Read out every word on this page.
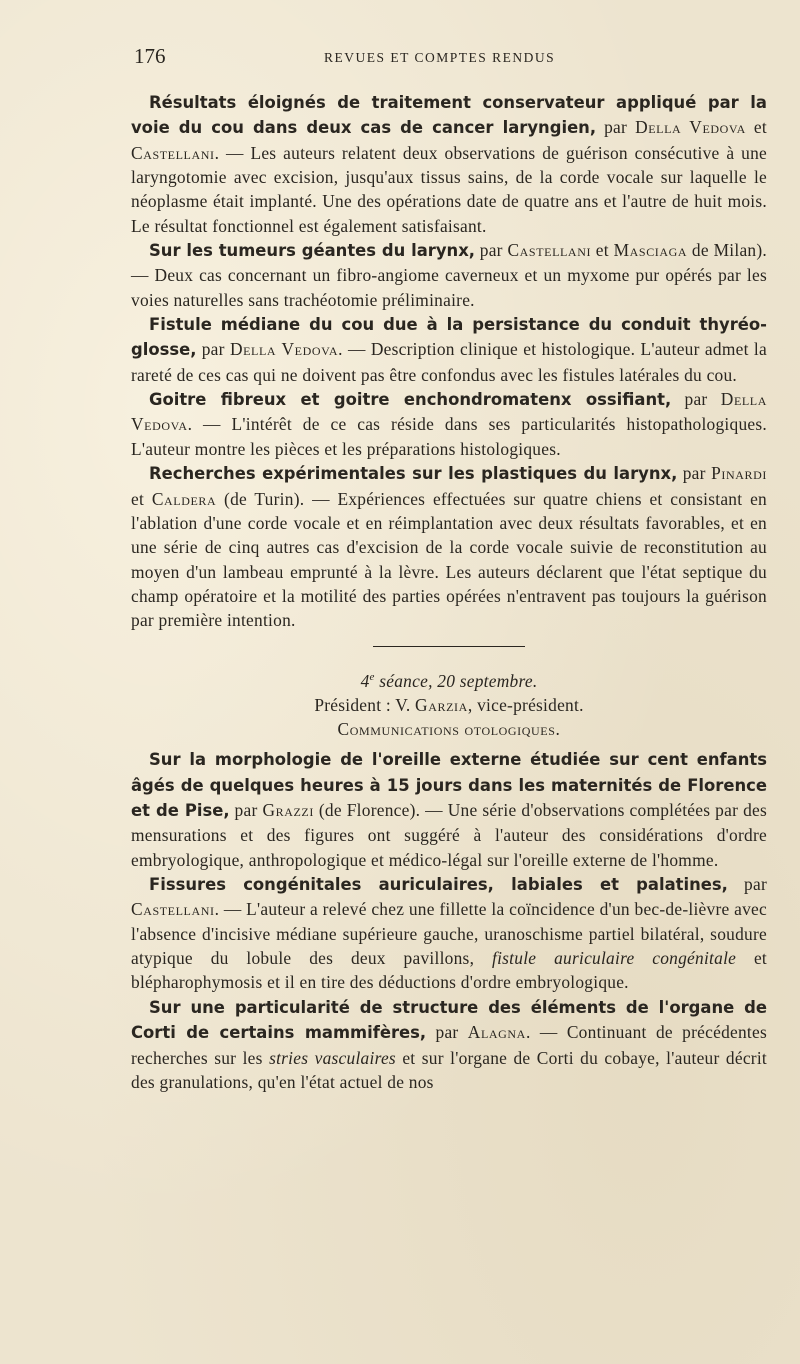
176	REVUES ET COMPTES RENDUS

Résultats éloignés de traitement conservateur appliqué par la voie du cou dans deux cas de cancer laryngien, par Della Vedova et Castellani. — Les auteurs relatent deux observations de guérison consécutive à une laryngotomie avec excision, jusqu'aux tissus sains, de la corde vocale sur laquelle le néoplasme était implanté. Une des opérations date de quatre ans et l'autre de huit mois. Le résultat fonctionnel est également satisfaisant.

Sur les tumeurs géantes du larynx, par Castellani et Masciaga de Milan). — Deux cas concernant un fibro-angiome caverneux et un myxome pur opérés par les voies naturelles sans trachéotomie préliminaire.

Fistule médiane du cou due à la persistance du conduit thyréo-glosse, par Della Vedova. — Description clinique et histologique. L'auteur admet la rareté de ces cas qui ne doivent pas être confondus avec les fistules latérales du cou.

Goitre fibreux et goitre enchondromatenx ossifiant, par Della Vedova. — L'intérêt de ce cas réside dans ses particularités histopathologiques. L'auteur montre les pièces et les préparations histologiques.

Recherches expérimentales sur les plastiques du larynx, par Pinardi et Caldera (de Turin). — Expériences effectuées sur quatre chiens et consistant en l'ablation d'une corde vocale et en réimplantation avec deux résultats favorables, et en une série de cinq autres cas d'excision de la corde vocale suivie de reconstitution au moyen d'un lambeau emprunté à la lèvre. Les auteurs déclarent que l'état septique du champ opératoire et la motilité des parties opérées n'entravent pas toujours la guérison par première intention.

4e séance, 20 septembre.

Président : V. Garzia, vice-président.

Communications otologiques.

Sur la morphologie de l'oreille externe étudiée sur cent enfants âgés de quelques heures à 15 jours dans les maternités de Florence et de Pise, par Grazzi (de Florence). — Une série d'observations complétées par des mensurations et des figures ont suggéré à l'auteur des considérations d'ordre embryologique, anthropologique et médico-légal sur l'oreille externe de l'homme.

Fissures congénitales auriculaires, labiales et palatines, par Castellani. — L'auteur a relevé chez une fillette la coïncidence d'un bec-de-lièvre avec l'absence d'incisive médiane supérieure gauche, uranoschisme partiel bilatéral, soudure atypique du lobule des deux pavillons, fistule auriculaire congénitale et blépharophymosis et il en tire des déductions d'ordre embryologique.

Sur une particularité de structure des éléments de l'organe de Corti de certains mammifères, par Alagna. — Continuant de précédentes recherches sur les stries vasculaires et sur l'organe de Corti du cobaye, l'auteur décrit des granulations, qu'en l'état actuel de nos
